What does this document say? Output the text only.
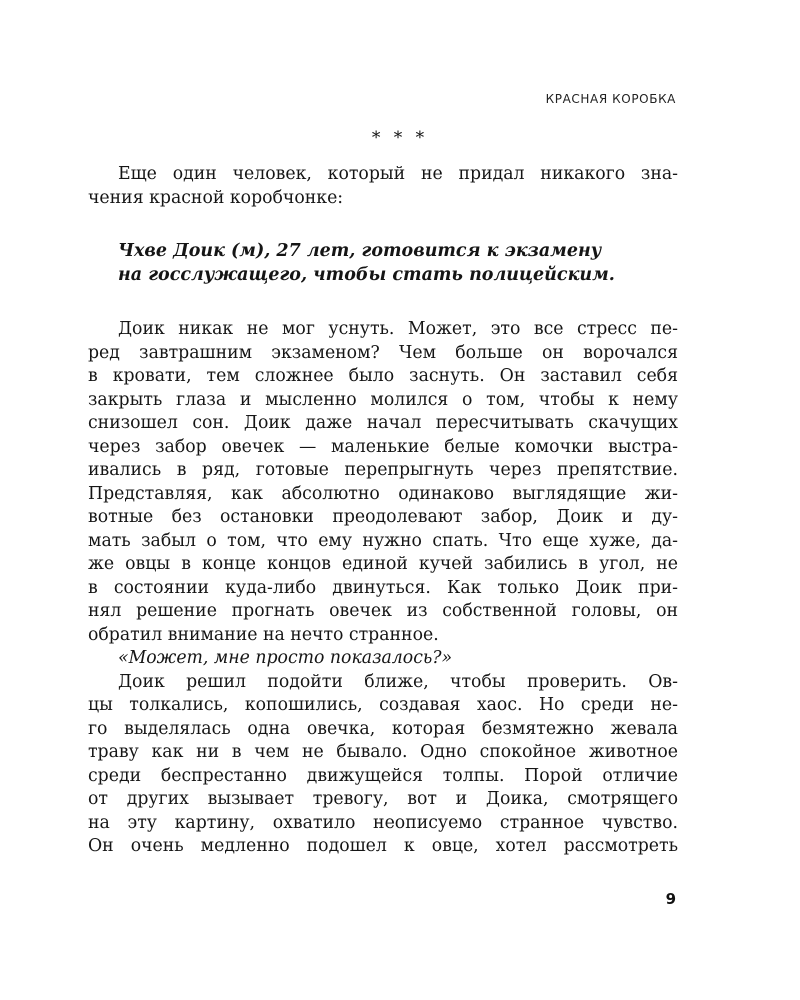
КРАСНАЯ КОРОБКА
* * *
Еще один человек, который не придал никакого зна-
чения красной коробчонке:
Чхве Доик (м), 27 лет, готовится к экзамену
на госслужащего, чтобы стать полицейским.
Доик никак не мог уснуть. Может, это все стресс пе-
ред завтрашним экзаменом? Чем больше он ворочался
в кровати, тем сложнее было заснуть. Он заставил себя
закрыть глаза и мысленно молился о том, чтобы к нему
снизошел сон. Доик даже начал пересчитывать скачущих
через забор овечек — маленькие белые комочки выстра-
ивались в ряд, готовые перепрыгнуть через препятствие.
Представляя, как абсолютно одинаково выглядящие жи-
вотные без остановки преодолевают забор, Доик и ду-
мать забыл о том, что ему нужно спать. Что еще хуже, да-
же овцы в конце концов единой кучей забились в угол, не
в состоянии куда-либо двинуться. Как только Доик при-
нял решение прогнать овечек из собственной головы, он
обратил внимание на нечто странное.
«Может, мне просто показалось?»
Доик решил подойти ближе, чтобы проверить. Ов-
цы толкались, копошились, создавая хаос. Но среди не-
го выделялась одна овечка, которая безмятежно жевала
траву как ни в чем не бывало. Одно спокойное животное
среди беспрестанно движущейся толпы. Порой отличие
от других вызывает тревогу, вот и Доика, смотрящего
на эту картину, охватило неописуемо странное чувство.
Он очень медленно подошел к овце, хотел рассмотреть
9
